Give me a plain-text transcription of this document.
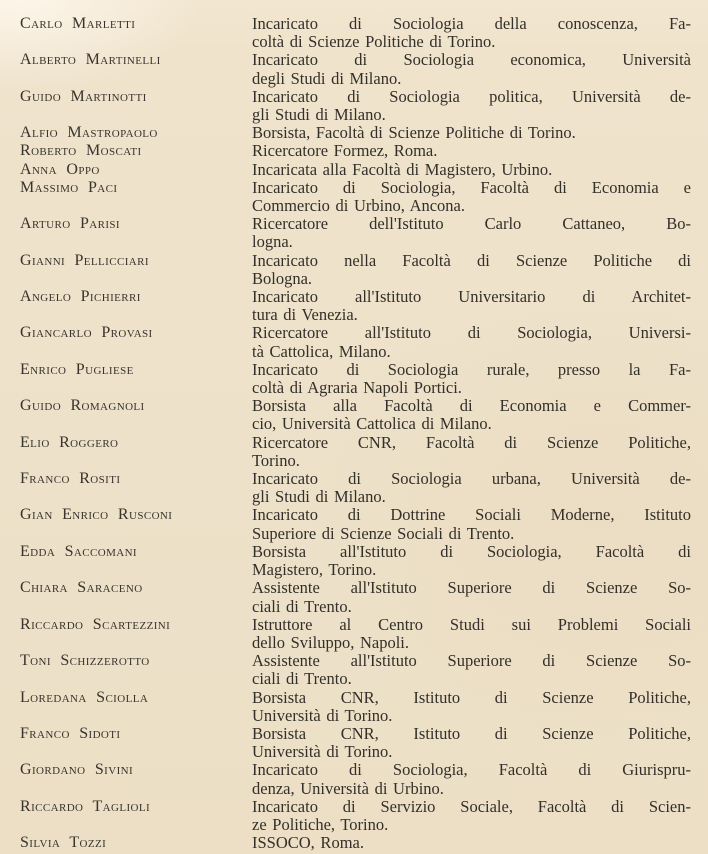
Carlo Marletti	Incaricato di Sociologia della conoscenza, Fa-
coltà di Scienze Politiche di Torino.
Alberto Martinelli	Incaricato di Sociologia economica, Università
degli Studi di Milano.
Guido Martinotti	Incaricato di Sociologia politica, Università de-
gli Studi di Milano.
Alfio Mastropaolo	Borsista, Facoltà di Scienze Politiche di Torino.
Roberto Moscati	Ricercatore Formez, Roma.
Anna Oppo	Incaricata alla Facoltà di Magistero, Urbino.
Massimo Paci	Incaricato di Sociologia, Facoltà di Economia e
Commercio di Urbino, Ancona.
Arturo Parisi	Ricercatore dell'Istituto Carlo Cattaneo, Bo-
logna.
Gianni Pellicciari	Incaricato nella Facoltà di Scienze Politiche di
Bologna.
Angelo Pichierri	Incaricato all'Istituto Universitario di Architet-
tura di Venezia.
Giancarlo Provasi	Ricercatore all'Istituto di Sociologia, Universi-
tà Cattolica, Milano.
Enrico Pugliese	Incaricato di Sociologia rurale, presso la Fa-
coltà di Agraria Napoli Portici.
Guido Romagnoli	Borsista alla Facoltà di Economia e Commer-
cio, Università Cattolica di Milano.
Elio Roggero	Ricercatore CNR, Facoltà di Scienze Politiche,
Torino.
Franco Rositi	Incaricato di Sociologia urbana, Università de-
gli Studi di Milano.
Gian Enrico Rusconi	Incaricato di Dottrine Sociali Moderne, Istituto
Superiore di Scienze Sociali di Trento.
Edda Saccomani	Borsista all'Istituto di Sociologia, Facoltà di
Magistero, Torino.
Chiara Saraceno	Assistente all'Istituto Superiore di Scienze So-
ciali di Trento.
Riccardo Scartezzini	Istruttore al Centro Studi sui Problemi Sociali
dello Sviluppo, Napoli.
Toni Schizzerotto	Assistente all'Istituto Superiore di Scienze So-
ciali di Trento.
Loredana Sciolla	Borsista CNR, Istituto di Scienze Politiche,
Università di Torino.
Franco Sidoti	Borsista CNR, Istituto di Scienze Politiche,
Università di Torino.
Giordano Sivini	Incaricato di Sociologia, Facoltà di Giurispru-
denza, Università di Urbino.
Riccardo Taglioli	Incaricato di Servizio Sociale, Facoltà di Scien-
ze Politiche, Torino.
Silvia Tozzi	ISSOCO, Roma.
